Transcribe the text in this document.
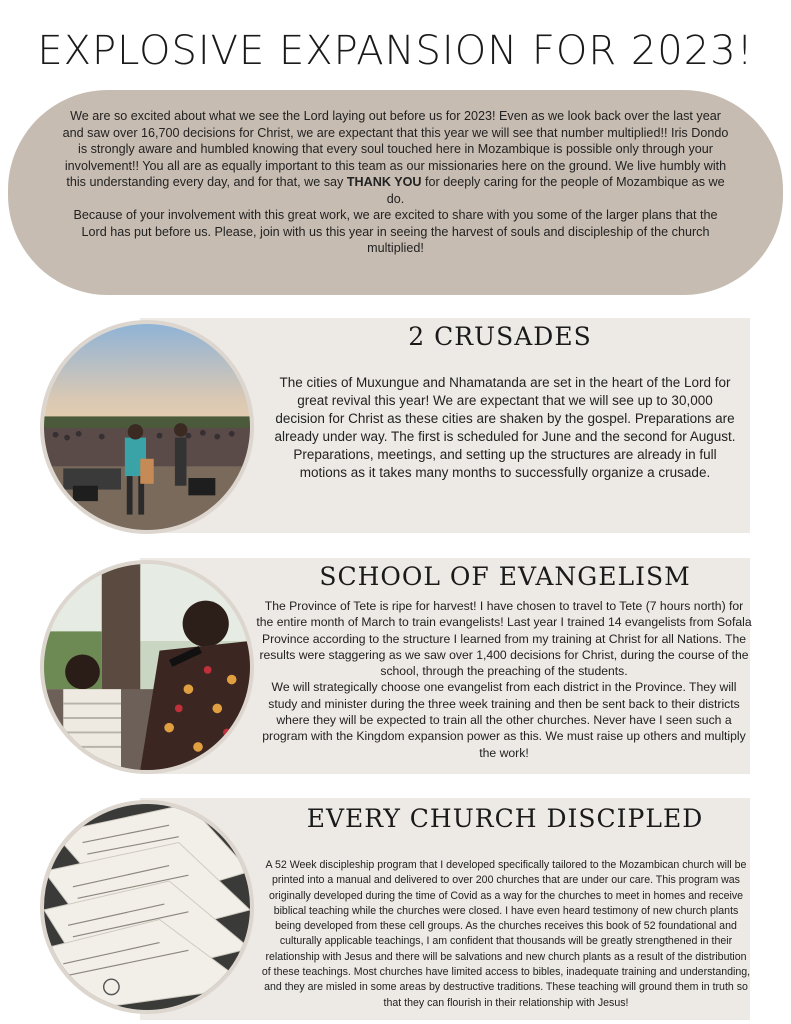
EXPLOSIVE EXPANSION FOR 2023!

We are so excited about what we see the Lord laying out before us for 2023! Even as we look back over the last year and saw over 16,700 decisions for Christ, we are expectant that this year we will see that number multiplied!! Iris Dondo is strongly aware and humbled knowing that every soul touched here in Mozambique is possible only through your involvement!! You all are as equally important to this team as our missionaries here on the ground. We live humbly with this understanding every day, and for that, we say THANK YOU for deeply caring for the people of Mozambique as we do.

Because of your involvement with this great work, we are excited to share with you some of the larger plans that the Lord has put before us. Please, join with us this year in seeing the harvest of souls and discipleship of the church multiplied!

2 CRUSADES
The cities of Muxungue and Nhamatanda are set in the heart of the Lord for great revival this year! We are expectant that we will see up to 30,000 decision for Christ as these cities are shaken by the gospel. Preparations are already under way. The first is scheduled for June and the second for August. Preparations, meetings, and setting up the structures are already in full motions as it takes many months to successfully organize a crusade.
SCHOOL OF EVANGELISM

The Province of Tete is ripe for harvest! I have chosen to travel to Tete (7 hours north) for the entire month of March to train evangelists! Last year I trained 14 evangelists from Sofala Province according to the structure I learned from my training at Christ for all Nations. The results were staggering as we saw over 1,400 decisions for Christ, during the course of the school, through the preaching of the students.

We will strategically choose one evangelist from each district in the Province. They will study and minister during the three week training and then be sent back to their districts where they will be expected to train all the other churches. Never have I seen such a program with the Kingdom expansion power as this. We must raise up others and multiply the work!

EVERY CHURCH DISCIPLED
A 52 Week discipleship program that I developed specifically tailored to the Mozambican church will be printed into a manual and delivered to over 200 churches that are under our care. This program was originally developed during the time of Covid as a way for the churches to meet in homes and receive biblical teaching while the churches were closed. I have even heard testimony of new church plants being developed from these cell groups. As the churches receives this book of 52 foundational and culturally applicable teachings, I am confident that thousands will be greatly strengthened in their relationship with Jesus and there will be salvations and new church plants as a result of the distribution of these teachings. Most churches have limited access to bibles, inadequate training and understanding, and they are misled in some areas by destructive traditions. These teaching will ground them in truth so that they can flourish in their relationship with Jesus!
